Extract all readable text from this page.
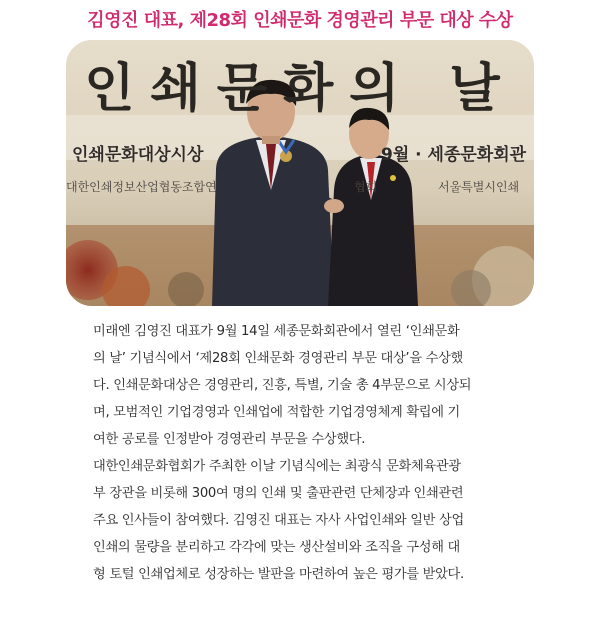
김영진 대표, 제28회 인쇄문화 경영관리 부문 대상 수상
인쇄문화의 날
인쇄문화대상시상	9월 · 세종문화회관
대한인쇄정보산업협동조합연	협회	서울특별시인쇄
미래엔 김영진 대표가 9월 14일 세종문화회관에서 열린 ‘인쇄문화
의 날’ 기념식에서 ‘제28회 인쇄문화 경영관리 부문 대상’을 수상했
다. 인쇄문화대상은 경영관리, 진흥, 특별, 기술 총 4부문으로 시상되
며, 모범적인 기업경영과 인쇄업에 적합한 기업경영체계 확립에 기
여한 공로를 인정받아 경영관리 부문을 수상했다.
대한인쇄문화협회가 주최한 이날 기념식에는 최광식 문화체육관광
부 장관을 비롯해 300여 명의 인쇄 및 출판관련 단체장과 인쇄관련
주요 인사들이 참여했다. 김영진 대표는 자사 사업인쇄와 일반 상업
인쇄의 물량을 분리하고 각각에 맞는 생산설비와 조직을 구성해 대
형 토털 인쇄업체로 성장하는 발판을 마련하여 높은 평가를 받았다.
